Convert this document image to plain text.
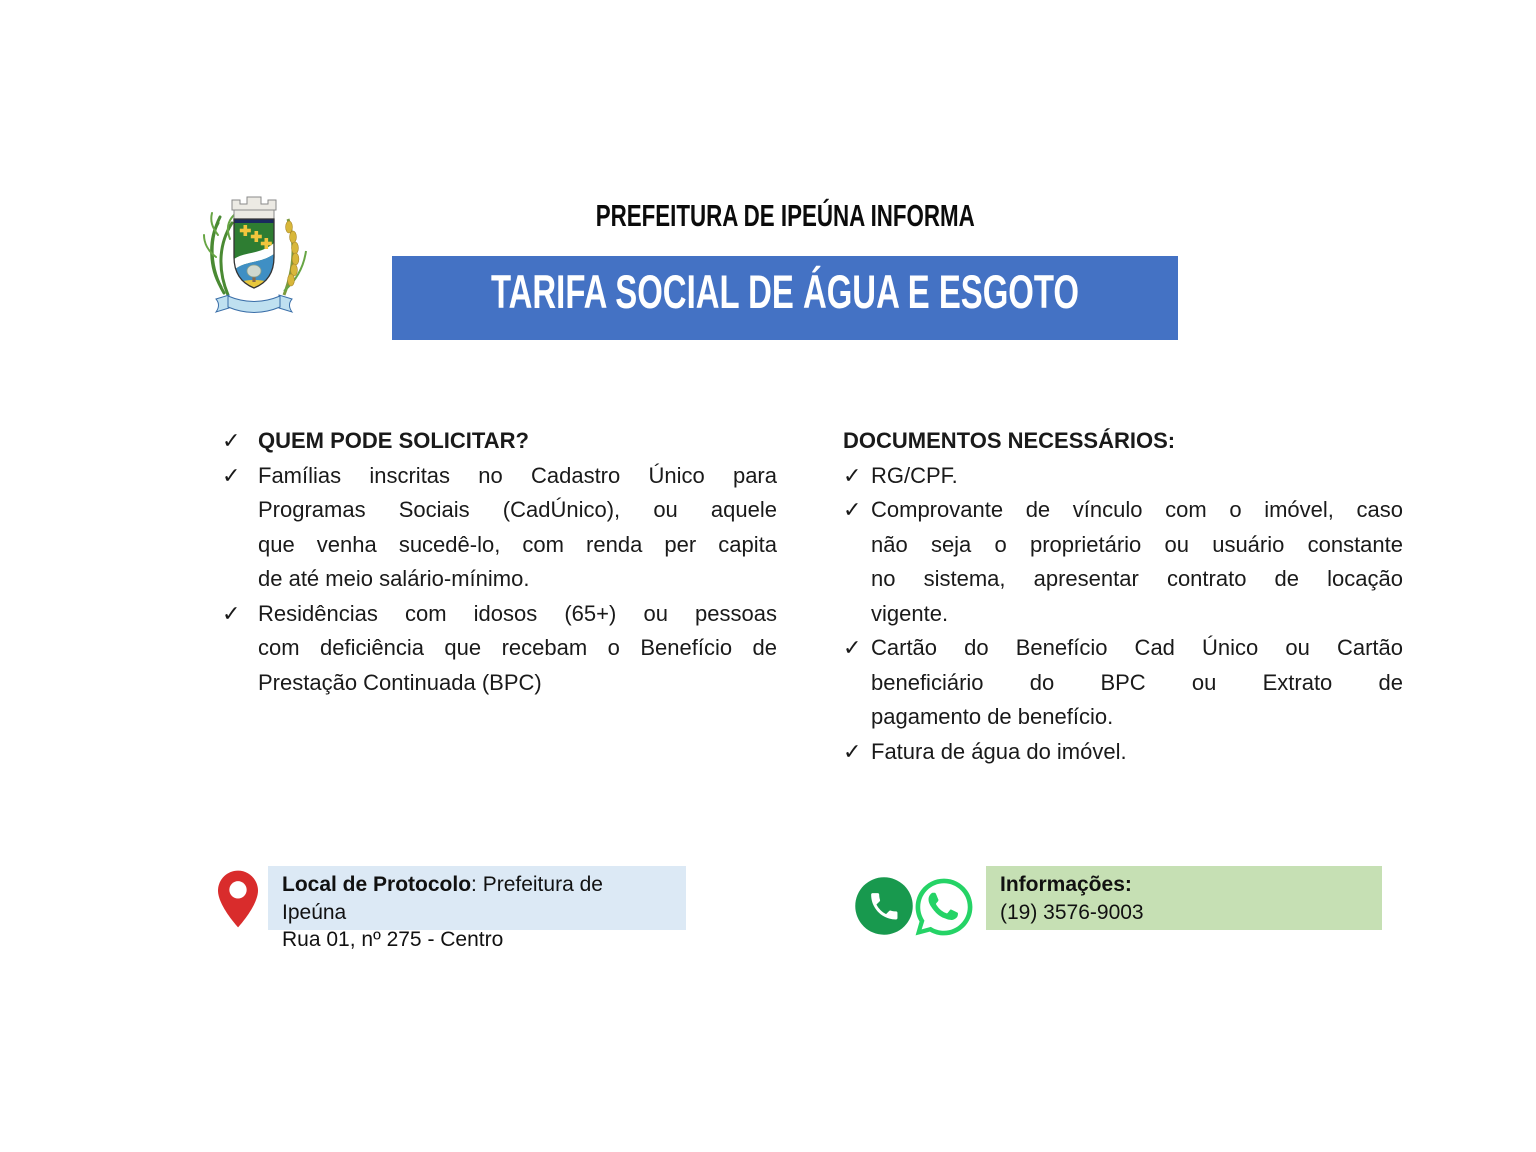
PREFEITURA DE IPEÚNA INFORMA
TARIFA SOCIAL DE ÁGUA E ESGOTO
✓ QUEM PODE SOLICITAR?
✓ Famílias inscritas no Cadastro Único para
Programas Sociais (CadÚnico), ou aquele
que venha sucedê-lo, com renda per capita
de até meio salário-mínimo.
✓ Residências com idosos (65+) ou pessoas
com deficiência que recebam o Benefício de
Prestação Continuada (BPC)
DOCUMENTOS NECESSÁRIOS:
✓ RG/CPF.
✓ Comprovante de vínculo com o imóvel, caso
não seja o proprietário ou usuário constante
no sistema, apresentar contrato de locação
vigente.
✓ Cartão do Benefício Cad Único ou Cartão
beneficiário do BPC ou Extrato de
pagamento de benefício.
✓ Fatura de água do imóvel.
Local de Protocolo: Prefeitura de Ipeúna
Rua 01, nº 275 - Centro
Informações:
(19) 3576-9003
